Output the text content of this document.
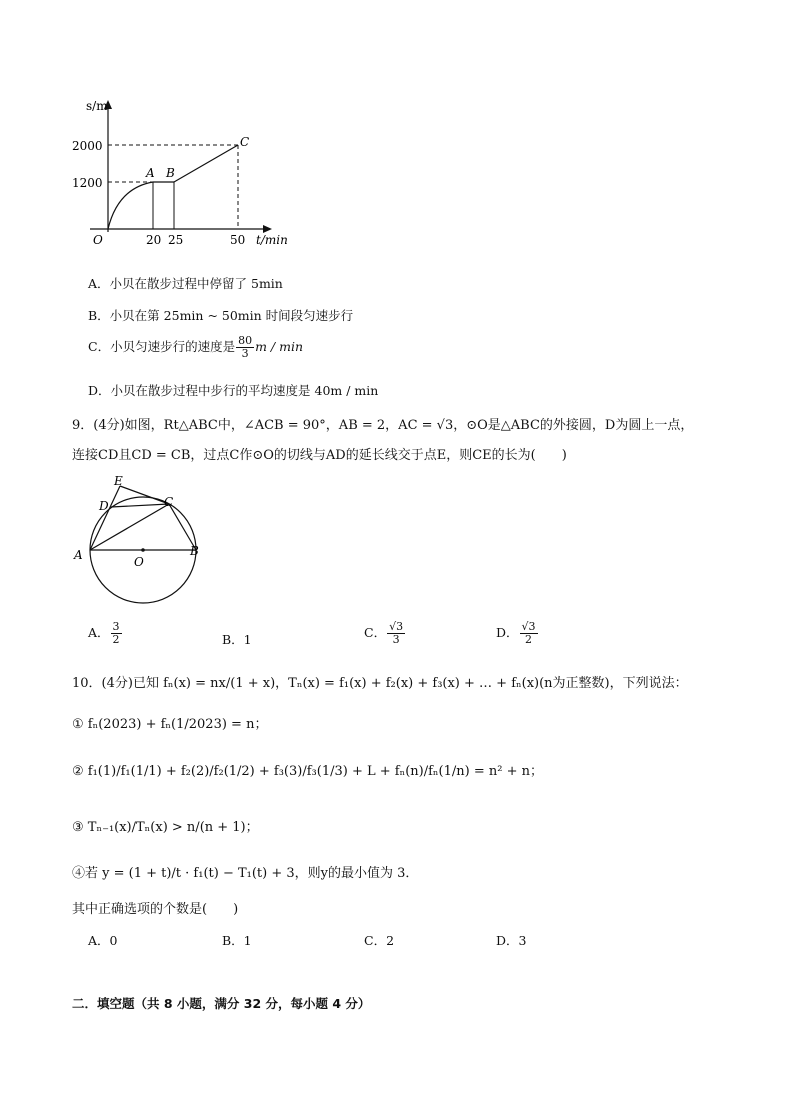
s/m
2000
1200
O	20 25	50 t/min
A B
C
A．小贝在散步过程中停留了 5min
B．小贝在第 25min ~ 50min 时间段匀速步行
C．小贝匀速步行的速度是 $\frac{80}{3}$ m / min
D．小贝在散步过程中步行的平均速度是 40m / min
9．(4分)如图，Rt△ABC中，∠ACB = 90°，AB = 2，AC = √3，⊙O是△ABC的外接圆，D为圆上一点，
连接CD且CD = CB，过点C作⊙O的切线与AD的延长线交于点E，则CE的长为(　　)
E
D	C
A	O
B
A． $\frac{3}{2}$	B．1	C． $\frac{√3}{3}$	D． $\frac{√3}{2}$
10．(4分)已知 fₙ(x) = nx/(1 + x)，Tₙ(x) = f₁(x) + f₂(x) + f₃(x) + … + fₙ(x)(n为正整数)，下列说法：
① fₙ(2023) + fₙ(1/2023) = n；
② f₁(1)/f₁(1/1) + f₂(2)/f₂(1/2) + f₃(3)/f₃(1/3) + L + fₙ(n)/fₙ(1/n) = n² + n；
③ Tₙ₋₁(x)/Tₙ(x) > n/(n + 1)；
④若 y = (1 + t)/t · f₁(t) − T₁(t) + 3，则y的最小值为 3．
其中正确选项的个数是(　　)
A．0	B．1	C．2	D．3
二．填空题（共 8 小题，满分 32 分，每小题 4 分）
